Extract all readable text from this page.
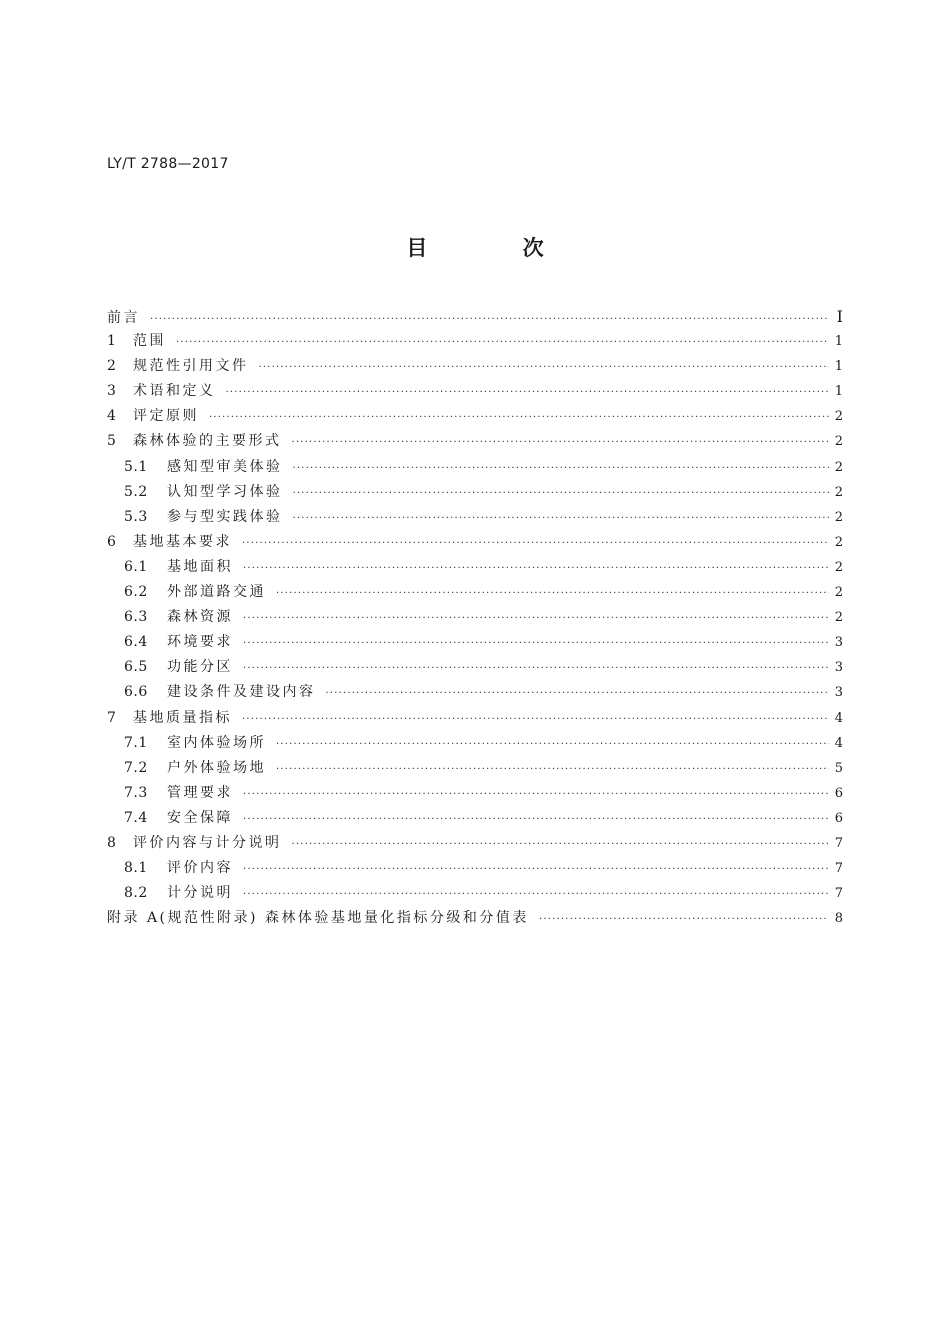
LY/T 2788—2017
目 次
前言 ·····	Ⅰ
1	范围 ·····	1
2	规范性引用文件 ·····	1
3	术语和定义 ·····	1
4	评定原则 ·····	2
5	森林体验的主要形式 ·····	2
5.1	感知型审美体验 ·····	2
5.2	认知型学习体验 ·····	2
5.3	参与型实践体验 ·····	2
6	基地基本要求 ·····	2
6.1	基地面积 ·····	2
6.2	外部道路交通 ·····	2
6.3	森林资源 ·····	2
6.4	环境要求 ·····	3
6.5	功能分区 ·····	3
6.6	建设条件及建设内容 ·····	3
7	基地质量指标 ·····	4
7.1	室内体验场所 ·····	4
7.2	户外体验场地 ·····	5
7.3	管理要求 ·····	6
7.4	安全保障 ·····	6
8	评价内容与计分说明 ·····	7
8.1	评价内容 ·····	7
8.2	计分说明 ·····	7
附录 A(规范性附录) 森林体验基地量化指标分级和分值表 ·····	8
